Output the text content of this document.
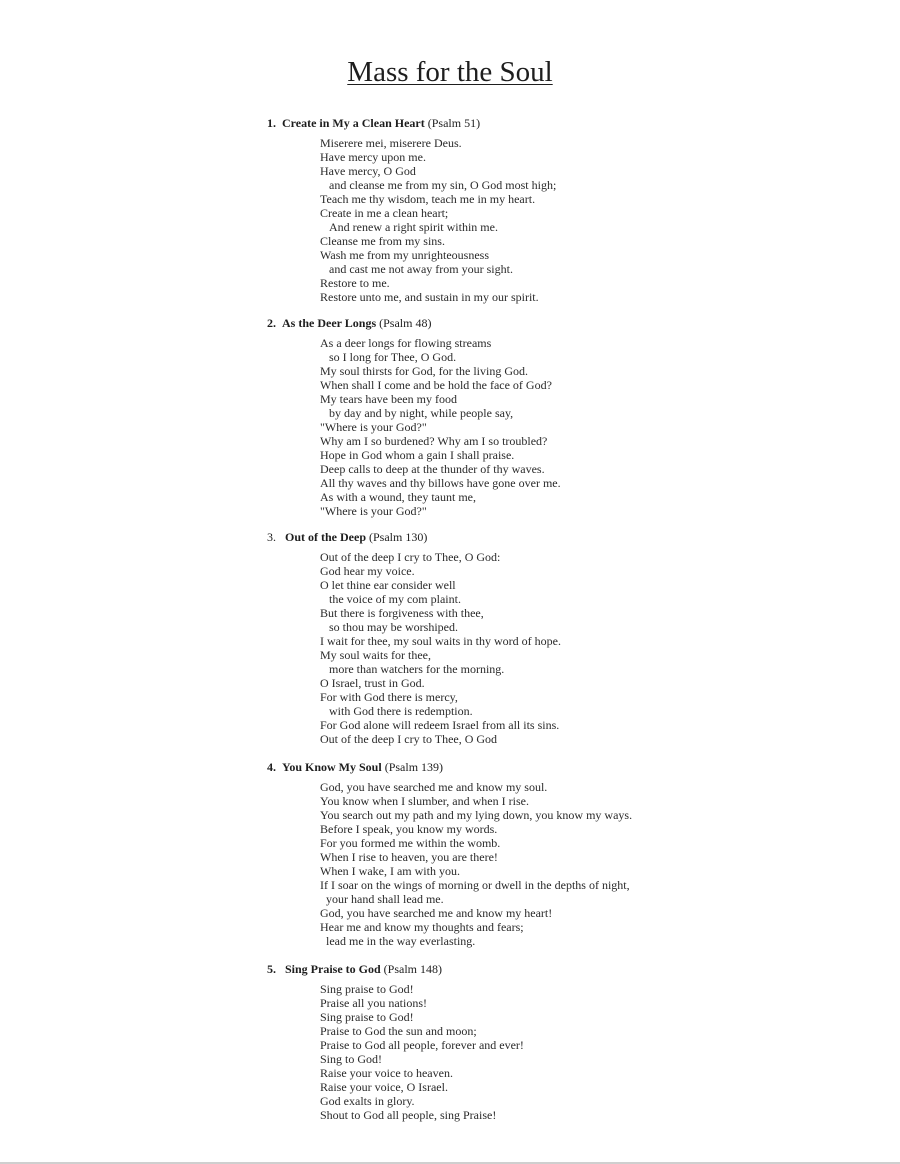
Mass for the Soul
1. Create in My a Clean Heart (Psalm 51)
Miserere mei, miserere Deus.
Have mercy upon me.
Have mercy, O God
and cleanse me from my sin, O God most high;
Teach me thy wisdom, teach me in my heart.
Create in me a clean heart;
And renew a right spirit within me.
Cleanse me from my sins.
Wash me from my unrighteousness
and cast me not away from your sight.
Restore to me.
Restore unto me, and sustain in my our spirit.
2. As the Deer Longs (Psalm 48)
As a deer longs for flowing streams
so I long for Thee, O God.
My soul thirsts for God, for the living God.
When shall I come and be hold the face of God?
My tears have been my food
by day and by night, while people say,
"Where is your God?"
Why am I so burdened? Why am I so troubled?
Hope in God whom a gain I shall praise.
Deep calls to deep at the thunder of thy waves.
All thy waves and thy billows have gone over me.
As with a wound, they taunt me,
"Where is your God?"
3. Out of the Deep (Psalm 130)
Out of the deep I cry to Thee, O God:
God hear my voice.
O let thine ear consider well
the voice of my com plaint.
But there is forgiveness with thee,
so thou may be worshiped.
I wait for thee, my soul waits in thy word of hope.
My soul waits for thee,
more than watchers for the morning.
O Israel, trust in God.
For with God there is mercy,
with God there is redemption.
For God alone will redeem Israel from all its sins.
Out of the deep I cry to Thee, O God
4. You Know My Soul (Psalm 139)
God, you have searched me and know my soul.
You know when I slumber, and when I rise.
You search out my path and my lying down, you know my ways.
Before I speak, you know my words.
For you formed me within the womb.
When I rise to heaven, you are there!
When I wake, I am with you.
If I soar on the wings of morning or dwell in the depths of night,
your hand shall lead me.
God, you have searched me and know my heart!
Hear me and know my thoughts and fears;
lead me in the way everlasting.
5. Sing Praise to God (Psalm 148)
Sing praise to God!
Praise all you nations!
Sing praise to God!
Praise to God the sun and moon;
Praise to God all people, forever and ever!
Sing to God!
Raise your voice to heaven.
Raise your voice, O Israel.
God exalts in glory.
Shout to God all people, sing Praise!
